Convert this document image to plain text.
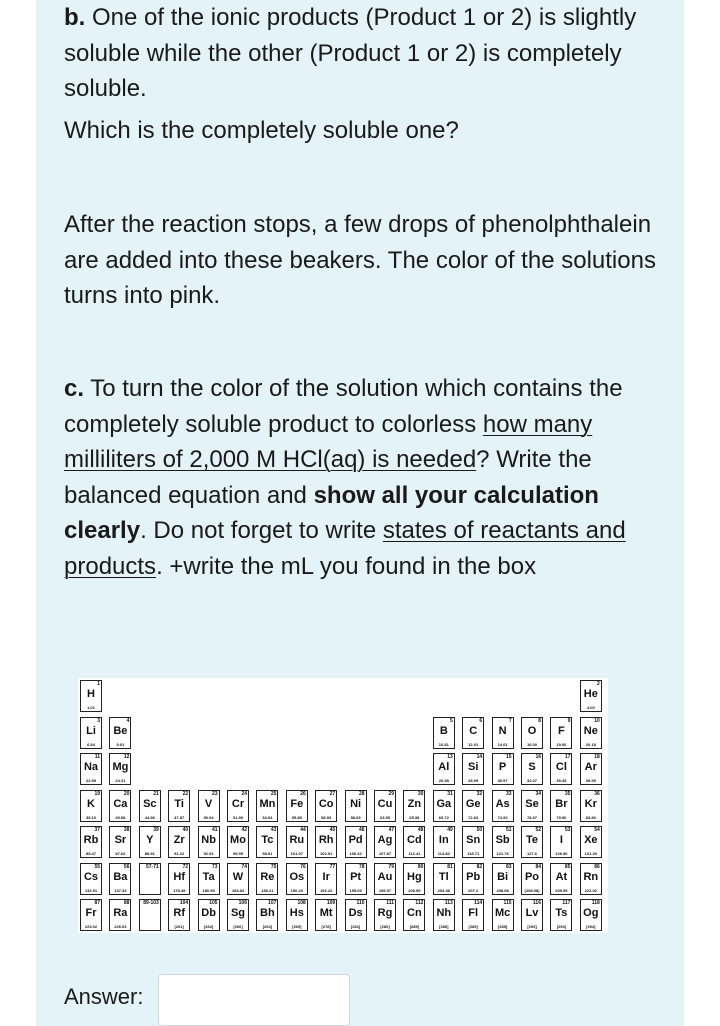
b. One of the ionic products (Product 1 or 2) is slightly soluble while the other (Product 1 or 2) is completely soluble.
Which is the completely soluble one?
After the reaction stops, a few drops of phenolphthalein are added into these beakers. The color of the solutions turns into pink.
c. To turn the color of the solution which contains the completely soluble product to colorless how many milliliters of 2,000 M HCl(aq) is needed? Write the balanced equation and show all your calculation clearly. Do not forget to write states of reactants and products. +write the mL you found in the box
1
H
1.01
2
He
4.00
3
Li
6.94
4
Be
9.01
5
B
10.81
6
C
12.01
7
N
14.01
8
O
16.00
9
F
19.00
10
Ne
20.18
11
Na
22.99
12
Mg
24.31
13
Al
26.98
14
Si
28.09
15
P
30.97
16
S
32.07
17
Cl
35.45
18
Ar
39.95
19
K
39.10
20
Ca
40.08
21
Sc
44.96
22
Ti
47.87
23
V
50.94
24
Cr
51.99
25
Mn
54.94
26
Fe
55.85
27
Co
58.93
28
Ni
58.69
29
Cu
63.55
30
Zn
65.38
31
Ga
69.72
32
Ge
72.63
33
As
74.92
34
Se
78.97
35
Br
79.90
36
Kr
83.80
37
Rb
85.47
38
Sr
87.62
39
Y
88.91
40
Zr
91.22
41
Nb
92.91
42
Mo
95.95
43
Tc
98.91
44
Ru
101.07
45
Rh
102.91
46
Pd
106.42
47
Ag
107.87
48
Cd
112.41
49
In
114.82
50
Sn
118.71
51
Sb
121.76
52
Te
127.6
53
I
126.90
54
Xe
131.29
55
Cs
132.91
56
Ba
137.33
57-71	72
Hf
178.49
73
Ta
180.95
74
W
183.84
75
Re
186.21
76
Os
190.23
77
Ir
192.22
78
Pt
195.09
79
Au
196.97
80
Hg
200.59
81
Tl
204.38
82
Pb
207.2
83
Bi
208.98
84
Po
(208.98)
85
At
209.99
86
Rn
222.02
87
Fr
223.02
88
Ra
226.03
89-103	104
Rf
[261]
105
Db
[262]
106
Sg
[266]
107
Bh
[264]
108
Hs
[269]
109
Mt
[278]
110
Ds
[281]
111
Rg
[280]
112
Cn
[285]
113
Nh
[286]
114
Fl
[289]
115
Mc
[289]
116
Lv
[293]
117
Ts
[294]
118
Og
[294]
Answer:
